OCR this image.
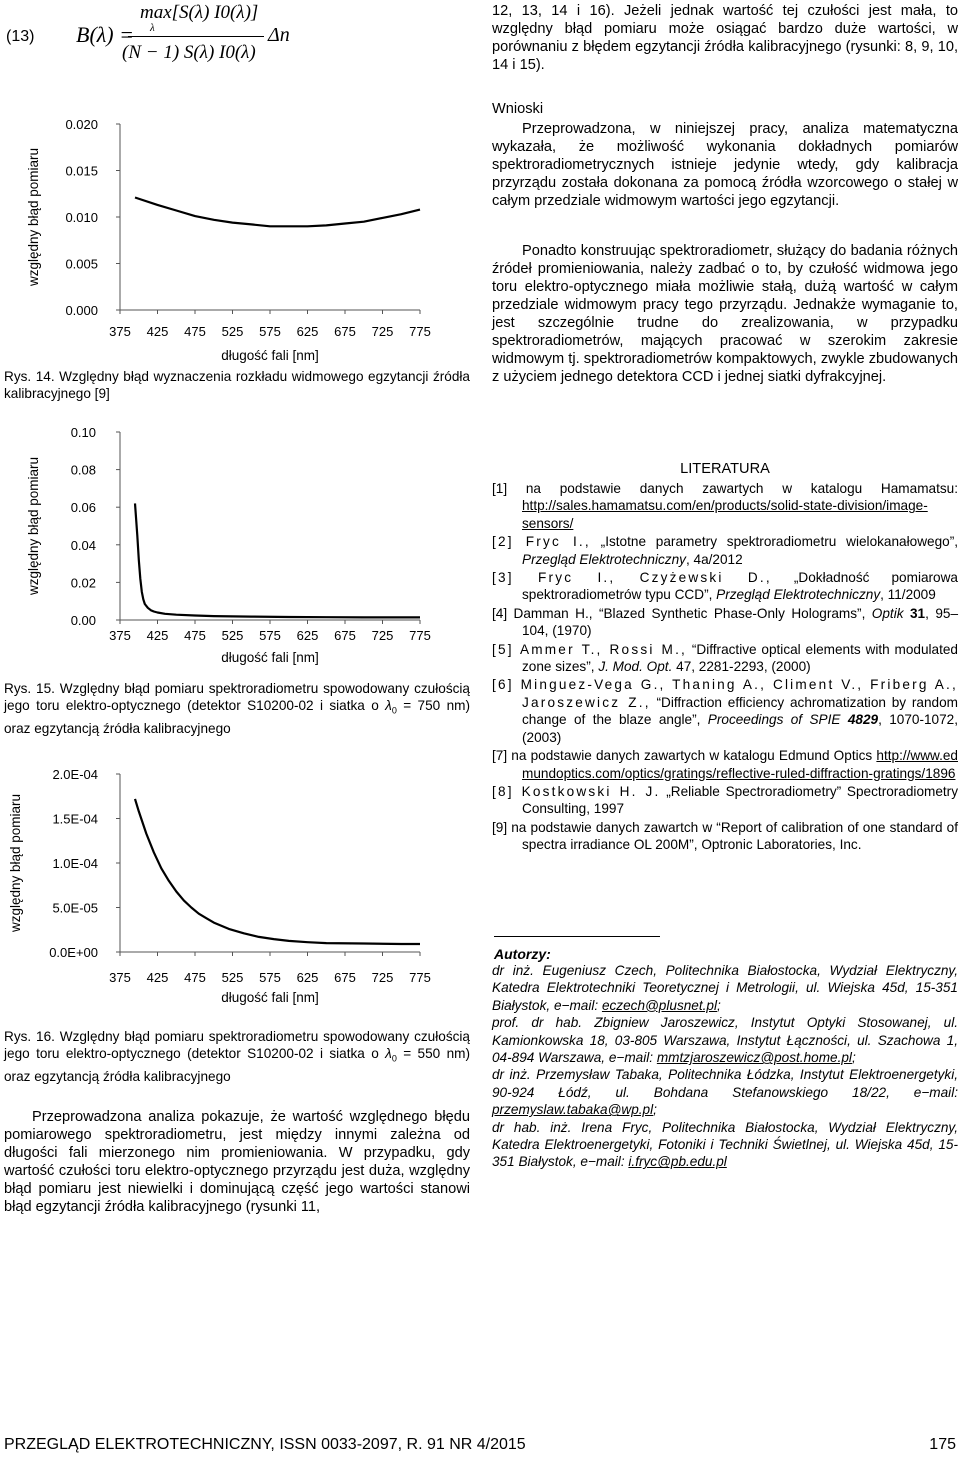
(13) B(λ) =
max[S(λ) I0(λ)]
λ
(N − 1) S(λ) I0(λ)
Δn
0.000
0.005
0.010
0.015
0.020
375 425 475 525 575 625 675 725 775
długość fali [nm]
względny błąd pomiaru
Rys. 14. Względny błąd wyznaczenia rozkładu widmowego egzytancji źródła kalibracyjnego [9]
0.00
0.02
0.04
0.06
0.08
0.10
375 425 475 525 575 625 675 725 775
długość fali [nm]
względny błąd pomiaru
Rys. 15. Względny błąd pomiaru spektroradiometru spowodowany czułością jego toru elektro-optycznego (detektor S10200-02 i siatka o $\lambda_0 = 750$ nm) oraz egzytancją źródła kalibracyjnego
0.0E+00
5.0E-05
1.0E-04
1.5E-04
2.0E-04
375 425 475 525 575 625 675 725 775
długość fali [nm]
względny błąd pomiaru
Rys. 16. Względny błąd pomiaru spektroradiometru spowodowany czułością jego toru elektro-optycznego (detektor S10200-02 i siatka o $\lambda_0 = 550$ nm) oraz egzytancją źródła kalibracyjnego
Przeprowadzona analiza pokazuje, że wartość względnego błędu pomiarowego spektroradiometru, jest między innymi zależna od długości fali mierzonego nim promieniowania. W przypadku, gdy wartość czułości toru elektro-optycznego przyrządu jest duża, względny błąd pomiaru jest niewielki i dominującą część jego wartości stanowi błąd egzytancji źródła kalibracyjnego (rysunki 11,
12, 13, 14 i 16). Jeżeli jednak wartość tej czułości jest mała, to względny błąd pomiaru może osiągać bardzo duże wartości, w porównaniu z błędem egzytancji źródła kalibracyjnego (rysunki: 8, 9, 10, 14 i 15).
Wnioski
Przeprowadzona, w niniejszej pracy, analiza matematyczna wykazała, że możliwość wykonania dokładnych pomiarów spektroradiometrycznych istnieje jedynie wtedy, gdy kalibracja przyrządu została dokonana za pomocą źródła wzorcowego o stałej w całym przedziale widmowym wartości jego egzytancji.
Ponadto konstruując spektroradiometr, służący do badania różnych źródeł promieniowania, należy zadbać o to, by czułość widmowa jego toru elektro-optycznego miała możliwie stałą, dużą wartość w całym przedziale widmowym pracy tego przyrządu. Jednakże wymaganie to, jest szczególnie trudne do zrealizowania, w przypadku spektroradiometrów, mających pracować w szerokim zakresie widmowym tj. spektroradiometrów kompaktowych, zwykle zbudowanych z użyciem jednego detektora CCD i jednej siatki dyfrakcyjnej.
LITERATURA

[1] na podstawie danych zawartych w katalogu Hamamatsu: http://sales.hamamatsu.com/en/products/solid-state-division/image-sensors/

[2] Fryc I., „Istotne parametry spektroradiometru wielokanałowego”, Przegląd Elektrotechniczny, 4a/2012

[3] Fryc I., Czyżewski D., „Dokładność pomiarowa spektroradiometrów typu CCD”, Przegląd Elektrotechniczny, 11/2009

[4] Damman H., “Blazed Synthetic Phase-Only Holograms”, Optik 31, 95–104, (1970)

[5] Ammer T., Rossi M., “Diffractive optical elements with modulated zone sizes”, J. Mod. Opt. 47, 2281-2293, (2000)

[6] Minguez-Vega G., Thaning A., Climent V., Friberg A., Jaroszewicz Z., “Diffraction efficiency achromatization by random change of the blaze angle”, Proceedings of SPIE 4829, 1070-1072, (2003)

[7] na podstawie danych zawartych w katalogu Edmund Optics http://www.edmundoptics.com/optics/gratings/reflective-ruled-diffraction-gratings/1896

[8] Kostkowski H. J. „Reliable Spectroradiometry” Spectroradiometry Consulting, 1997

[9] na podstawie danych zawartch w “Report of calibration of one standard of spectra irradiance OL 200M”, Optronic Laboratories, Inc.

Autorzy:

dr inż. Eugeniusz Czech, Politechnika Białostocka, Wydział Elektryczny, Katedra Elektrotechniki Teoretycznej i Metrologii, ul. Wiejska 45d, 15-351 Białystok, e−mail: eczech@plusnet.pl;

prof. dr hab. Zbigniew Jaroszewicz, Instytut Optyki Stosowanej, ul. Kamionkowska 18, 03-805 Warszawa, Instytut Łączności, ul. Szachowa 1, 04-894 Warszawa, e−mail: mmtzjaroszewicz@post.home.pl;

dr inż. Przemysław Tabaka, Politechnika Łódzka, Instytut Elektroenergetyki, 90-924 Łódź, ul. Bohdana Stefanowskiego 18/22, e−mail: przemyslaw.tabaka@wp.pl;

dr hab. inż. Irena Fryc, Politechnika Białostocka, Wydział Elektryczny, Katedra Elektroenergetyki, Fotoniki i Techniki Świetlnej, ul. Wiejska 45d, 15-351 Białystok, e−mail: i.fryc@pb.edu.pl

PRZEGLĄD ELEKTROTECHNICZNY, ISSN 0033-2097, R. 91 NR 4/2015	175
